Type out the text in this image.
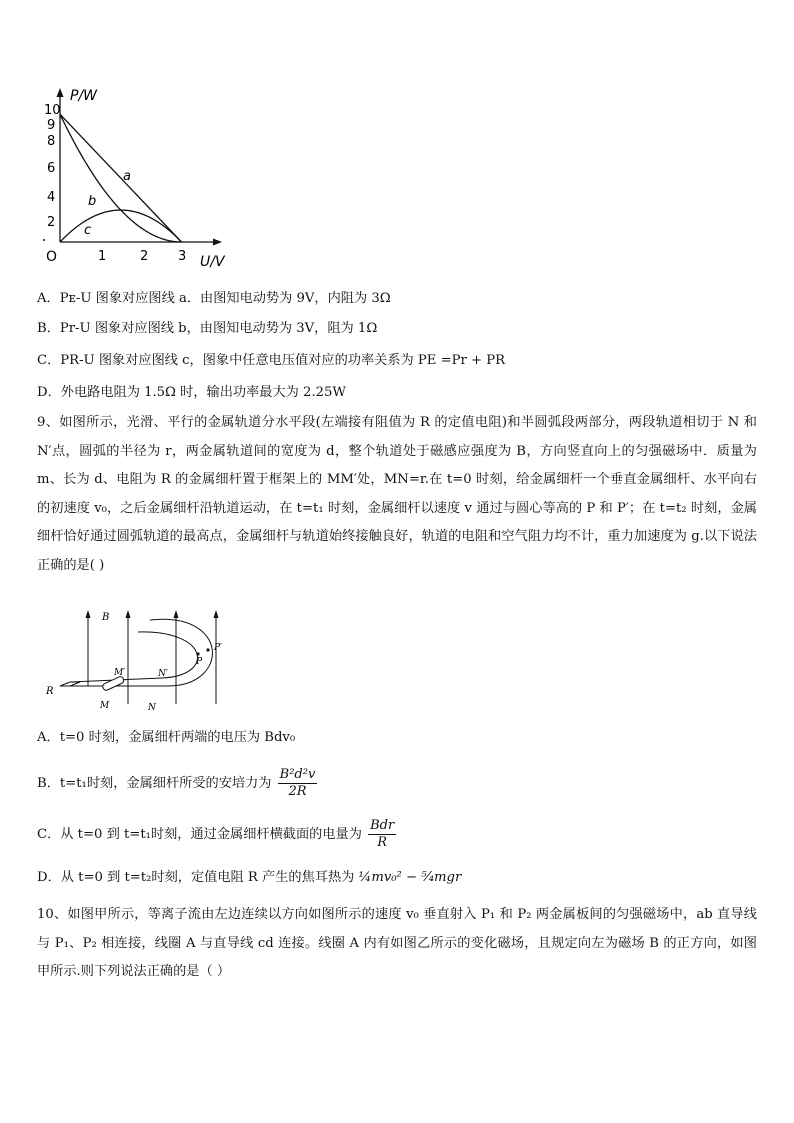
P/W
U/V
O
10
9
8
6
4
2
1	2 3
a
b
c
A．Pᴇ-U 图象对应图线 a．由图知电动势为 9V，内阻为 3Ω
B．Pr-U 图象对应图线 b，由图知电动势为 3V，阻为 1Ω
C．PR-U 图象对应图线 c，图象中任意电压值对应的功率关系为 PE =Pr + PR
D．外电路电阻为 1.5Ω 时，输出功率最大为 2.25W
9、如图所示，光滑、平行的金属轨道分水平段(左端接有阻值为 R 的定值电阻)和半圆弧段两部分，两段轨道相切于 N 和 N′点，圆弧的半径为 r，两金属轨道间的宽度为 d，整个轨道处于磁感应强度为 B，方向竖直向上的匀强磁场中．质量为 m、长为 d、电阻为 R 的金属细杆置于框架上的 MM′处，MN=r.在 t=0 时刻，给金属细杆一个垂直金属细杆、水平向右的初速度 v₀，之后金属细杆沿轨道运动，在 t=t₁ 时刻，金属细杆以速度 v 通过与圆心等高的 P 和 P′；在 t=t₂ 时刻，金属细杆恰好通过圆弧轨道的最高点，金属细杆与轨道始终接触良好，轨道的电阻和空气阻力均不计，重力加速度为 g.以下说法正确的是( )
B
R
M′	N′
M	N
P
P′
A．t=0 时刻，金属细杆两端的电压为 Bdv₀
B．t=t₁时刻，金属细杆所受的安培力为 $\frac{\text{B²d²v}}{2R}$
C．从 t=0 到 t=t₁时刻，通过金属细杆横截面的电量为 $\frac{\text{Bdr}}{R}$
D．从 t=0 到 t=t₂时刻，定值电阻 R 产生的焦耳热为 ¼mv₀² − ⁵⁄₄mgr
10、如图甲所示，等离子流由左边连续以方向如图所示的速度 v₀ 垂直射入 P₁ 和 P₂ 两金属板间的匀强磁场中，ab 直导线与 P₁、P₂ 相连接，线圈 A 与直导线 cd 连接。线圈 A 内有如图乙所示的变化磁场，且规定向左为磁场 B 的正方向，如图甲所示.则下列说法正确的是（ ）
